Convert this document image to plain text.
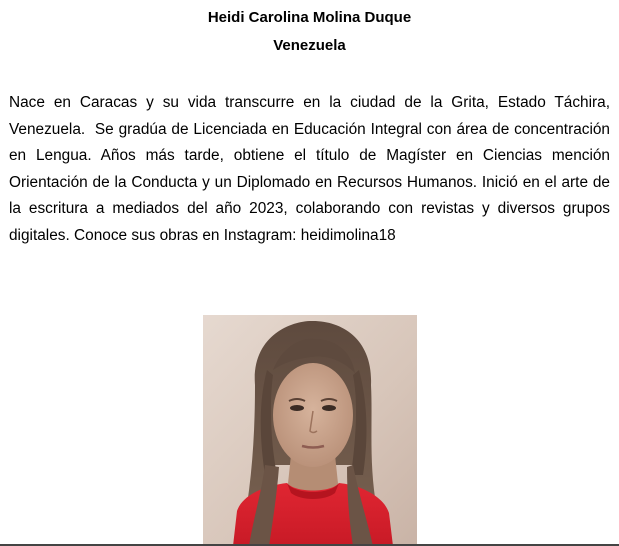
Heidi Carolina Molina Duque
Venezuela

Nace en Caracas y su vida transcurre en la ciudad de la Grita, Estado Táchira, Venezuela.  Se gradúa de Licenciada en Educación Integral con área de concentración en Lengua. Años más tarde, obtiene el título de Magíster en Ciencias mención Orientación de la Conducta y un Diplomado en Recursos Humanos. Inició en el arte de la escritura a mediados del año 2023, colaborando con revistas y diversos grupos digitales. Conoce sus obras en Instagram: heidimolina18
